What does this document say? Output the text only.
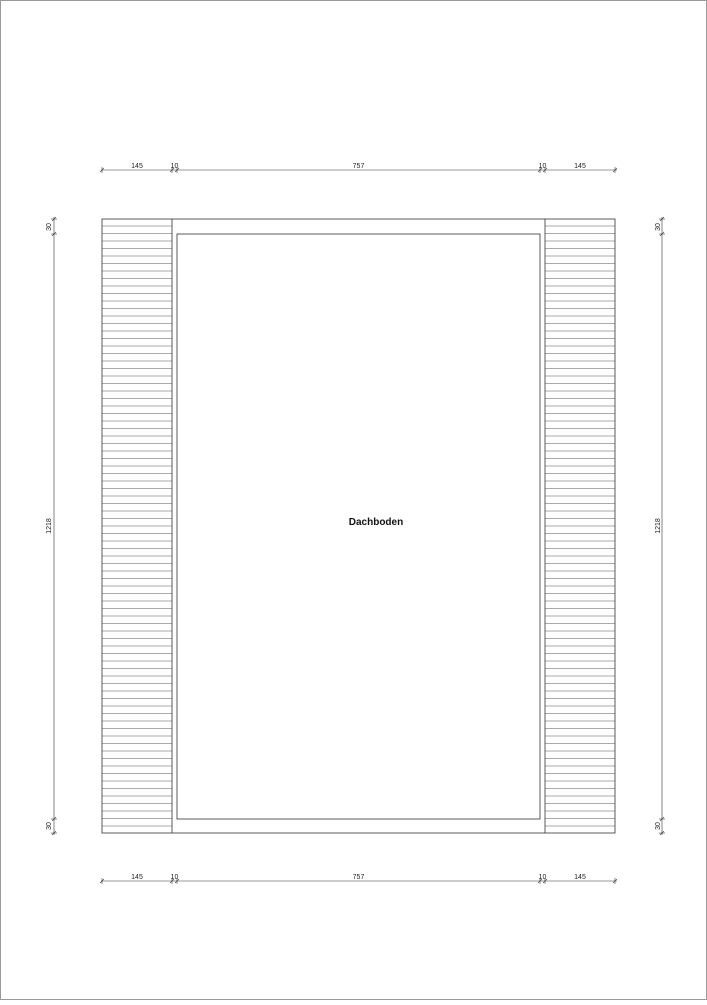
Dachboden
145	10	757	10	145
145	10	757	10	145
30
1218
30
30
1218
30
